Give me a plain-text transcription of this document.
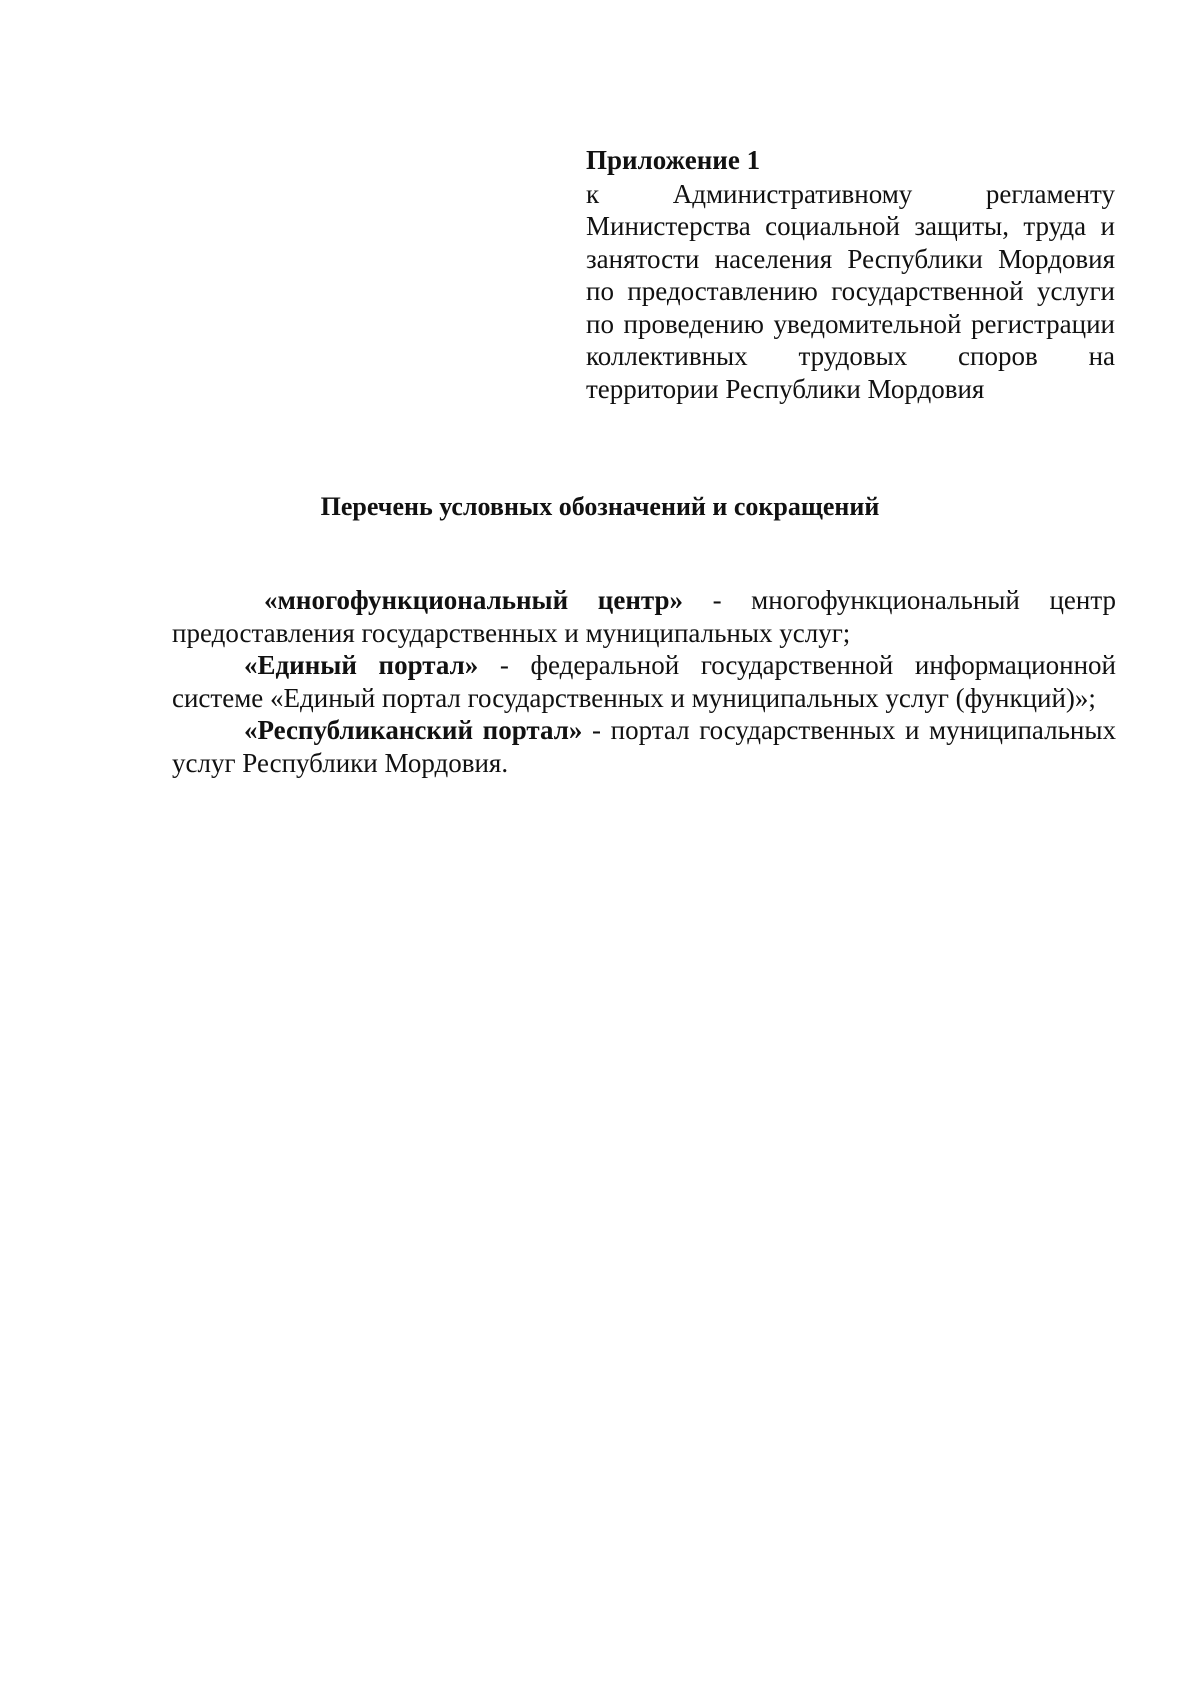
Приложение 1

к Административному регламенту Министерства социальной защиты, труда и занятости населения Республики Мордовия по предоставлению государственной услуги по проведению уведомительной регистрации коллективных трудовых споров на территории Республики Мордовия

Перечень условных обозначений и сокращений

«многофункциональный центр» - многофункциональный центр предоставления государственных и муниципальных услуг;

«Единый портал» - федеральной государственной информационной системе «Единый портал государственных и муниципальных услуг (функций)»;

«Республиканский портал» - портал государственных и муниципальных услуг Республики Мордовия.
